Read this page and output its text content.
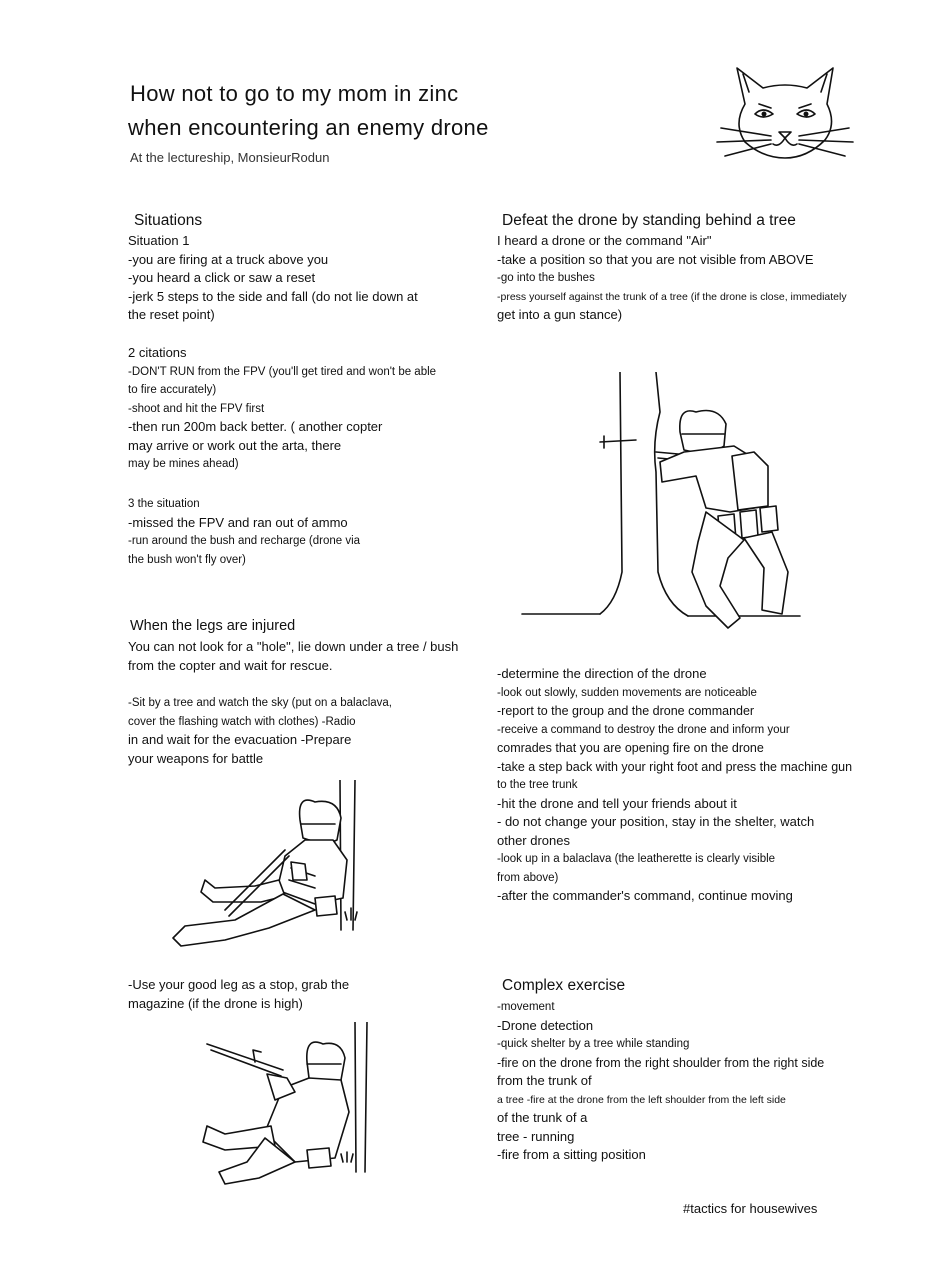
How not to go to my mom in zinc
when encountering an enemy drone
At the lectureship, MonsieurRodun
Situations
Situation 1
-you are firing at a truck above you
-you heard a click or saw a reset
-jerk 5 steps to the side and fall (do not lie down at
the reset point)
2 citations
-DON'T RUN from the FPV (you'll get tired and won't be able
to fire accurately)
-shoot and hit the FPV first
-then run 200m back better. ( another copter
may arrive or work out the arta, there
may be mines ahead)
3 the situation
-missed the FPV and ran out of ammo
-run around the bush and recharge (drone via
the bush won't fly over)
When the legs are injured
You can not look for a "hole", lie down under a tree / bush
from the copter and wait for rescue.
-Sit by a tree and watch the sky (put on a balaclava,
cover the flashing watch with clothes) -Radio
in and wait for the evacuation -Prepare
your weapons for battle
-Use your good leg as a stop, grab the
magazine (if the drone is high)
Defeat the drone by standing behind a tree
I heard a drone or the command "Air"
-take a position so that you are not visible from ABOVE
-go into the bushes
-press yourself against the trunk of a tree (if the drone is close, immediately
get into a gun stance)
-determine the direction of the drone
-look out slowly, sudden movements are noticeable
-report to the group and the drone commander
-receive a command to destroy the drone and inform your
comrades that you are opening fire on the drone
-take a step back with your right foot and press the machine gun
to the tree trunk
-hit the drone and tell your friends about it
- do not change your position, stay in the shelter, watch
other drones
-look up in a balaclava (the leatherette is clearly visible
from above)
-after the commander's command, continue moving
Complex exercise
-movement
-Drone detection
-quick shelter by a tree while standing
-fire on the drone from the right shoulder from the right side
from the trunk of
a tree -fire at the drone from the left shoulder from the left side
of the trunk of a
tree - running
-fire from a sitting position
#tactics for housewives
